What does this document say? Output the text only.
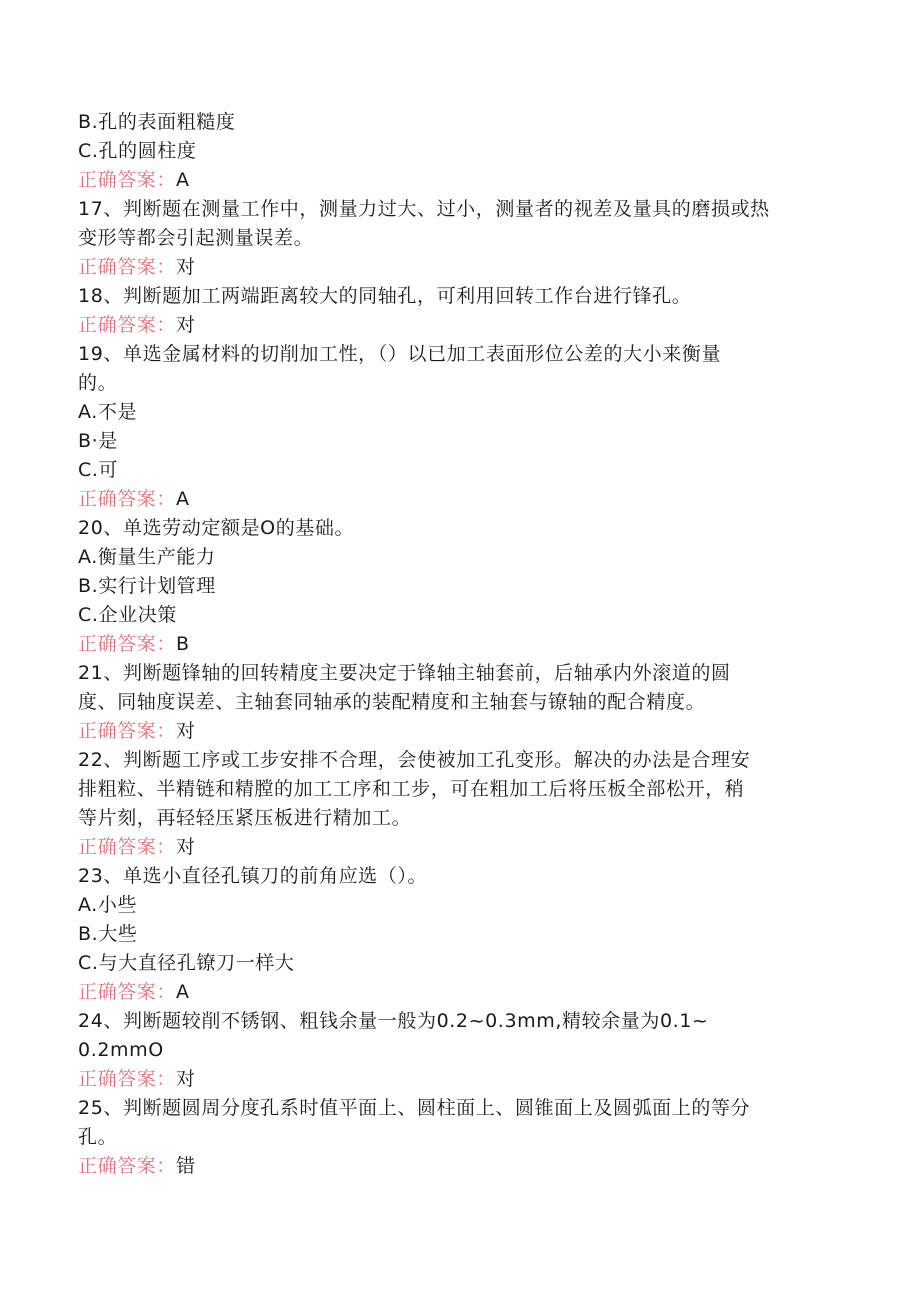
B.孔的表面粗糙度
C.孔的圆柱度
正确答案：A
17、判断题在测量工作中，测量力过大、过小，测量者的视差及量具的磨损或热
变形等都会引起测量误差。
正确答案：对
18、判断题加工两端距离较大的同轴孔，可利用回转工作台进行锋孔。
正确答案：对
19、单选金属材料的切削加工性，（）以已加工表面形位公差的大小来衡量
的。
A.不是
B·是
C.可
正确答案：A
20、单选劳动定额是O的基础。
A.衡量生产能力
B.实行计划管理
C.企业决策
正确答案：B
21、判断题锋轴的回转精度主要决定于锋轴主轴套前，后轴承内外滚道的圆
度、同轴度误差、主轴套同轴承的装配精度和主轴套与镣轴的配合精度。
正确答案：对
22、判断题工序或工步安排不合理，会使被加工孔变形。解决的办法是合理安
排粗粒、半精链和精膛的加工工序和工步，可在粗加工后将压板全部松开，稍
等片刻，再轻轻压紧压板进行精加工。
正确答案：对
23、单选小直径孔镇刀的前角应选（）。
A.小些
B.大些
C.与大直径孔镣刀一样大
正确答案：A
24、判断题较削不锈钢、粗钱余量一般为0.2~0.3mm,精较余量为0.1~
0.2mmO
正确答案：对
25、判断题圆周分度孔系时值平面上、圆柱面上、圆锥面上及圆弧面上的等分
孔。
正确答案：错
